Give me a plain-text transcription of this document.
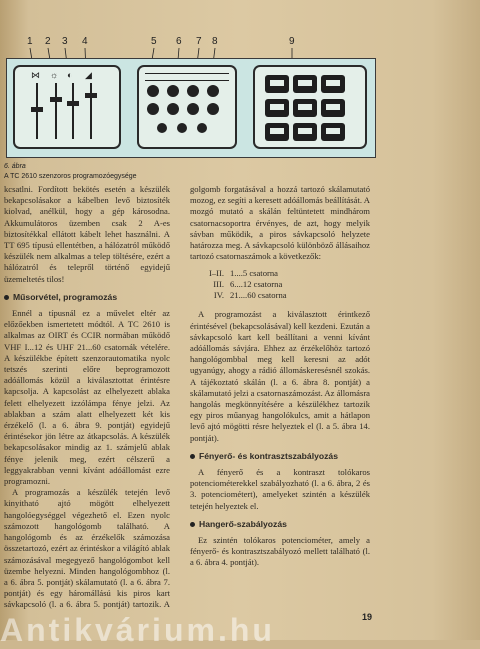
1 2 3 4	5 6 7 8	9
⋈ ☼ ◐ ◢
6. ábra
A TC 2610 szenzoros programozóegysége

kcsatlni. Fordított bekötés esetén a készülék bekapcsolásakor a kábelben levő biztosíték kiolvad, anélkül, hogy a gép károsodna. Akkumulátoros üzemben csak 2 A-es biztosítékkal ellátott kábelt lehet használni. A TT 695 típusú ellentétben, a hálózatról működő készülék nem alkalmas a telep töltésére, ezért a hálózatról és telepről történő egyidejű üzemeltetés tilos!

Műsorvétel, programozás

Ennél a típusnál ez a művelet eltér az előzőekben ismertetett módtól. A TC 2610 is alkalmas az OIRT és CCIR normában működő VHF I...12 és UHF 21...60 csatornák vételére. A készülékbe épített szenzorautomatika nyolc tetszés szerinti előre beprogramozott adóállomás közül a kiválasztottat érintésre kapcsolja. A kapcsolást az elhelyezett ablaka felett elhelyezett izzólámpa fénye jelzi. Az ablakban a szám alatt elhelyezett két kis érzékelő (l. a 6. ábra 9. pontját) egyidejű érintésekor jön létre az átkapcsolás. A készülék bekapcsolásakor mindig az 1. számjelű ablak fénye jelenik meg, ezért célszerű a leggyakrabban venni kívánt adóállomást ezre programozni.

A programozás a készülék tetején levő kinyitható ajtó mögött elhelyezett hangolóegységgel végezhető el. Ezen nyolc számozott hangológomb található. A hangológomb és az érzékelők számozása összetartozó, ezért az érintéskor a világító ablak számozásával megegyező hangológombot kell üzembe helyezni. Minden hangológombhoz (l. a 6. ábra 5. pontját) skálamutató (l. a 6. ábra 7. pontját) és egy háromállású kis piros kart sávkapcsoló (l. a 6. ábra 5. pontját) tartozik. A

golgomb forgatásával a hozzá tartozó skálamutató mozog, ez segíti a keresett adóállomás beállítását. A mozgó mutató a skálán feltüntetett mindhárom csatornacsoportra érvényes, de azt, hogy melyik sávban működik, a piros sávkapcsoló helyzete határozza meg. A sávkapcsoló különböző állásaihoz tartozó csatornaszámok a következők:

I–II. 1....5 csatorna
III. 6....12 csatorna
IV. 21....60 csatorna

A programozást a kiválasztott érintkező érintésével (bekapcsolásával) kell kezdeni. Ezután a sávkapcsoló kart kell beállítani a venni kívánt adóállomás sávjára. Ehhez az érzékelőhöz tartozó hangológombbal meg kell keresni az adót ugyanúgy, ahogy a rádió állomáskeresésnél szokás. A tájékoztató skálán (l. a 6. ábra 8. pontját) a skálamutató jelzi a csatornaszámozást. Az állomásra hangolás megkönnyítésére a készülékhez tartozik egy piros műanyag hangolókulcs, amit a hátlapon levő ajtó mögötti résre helyeztek el (l. a 5. ábra 14. pontját).

Fényerő- és kontrasztszabályozás

A fényerő és a kontraszt tolókaros potenciométerekkel szabályozható (l. a 6. ábra, 2 és 3. potenciométert), amelyeket szintén a készülék tetején helyeztek el.

Hangerő-szabályozás

Ez szintén tolókaros potenciométer, amely a fényerő- és kontrasztszabályozó mellett található (l. a 6. ábra 4. pontját).

19
Antikvárium.hu
